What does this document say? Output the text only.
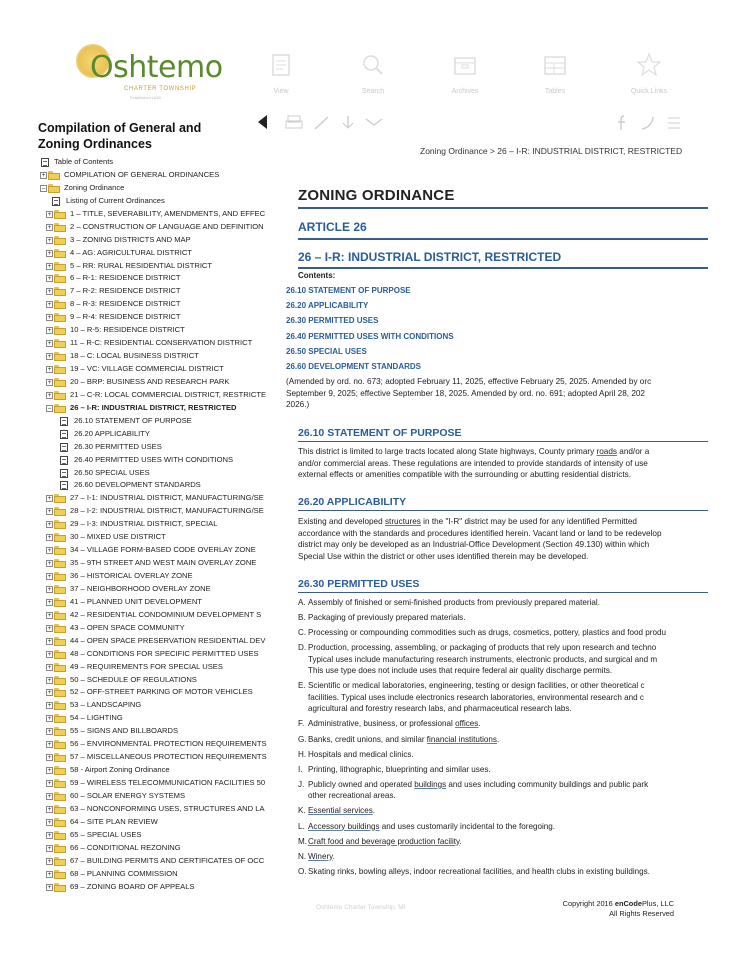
Oshtemo
CHARTER TOWNSHIP
Established 1839
View	Search	Archives	Tables	Quick Links
Compilation of General and Zoning Ordinances	Zoning Ordinance > 26 – I-R: INDUSTRIAL DISTRICT, RESTRICTED
Table of Contents
+ COMPILATION OF GENERAL ORDINANCES
− Zoning Ordinance
Listing of Current Ordinances
+ 1 – TITLE, SEVERABILITY, AMENDMENTS, AND EFFEC
+ 2 – CONSTRUCTION OF LANGUAGE AND DEFINITION
+ 3 – ZONING DISTRICTS AND MAP
+ 4 – AG: AGRICULTURAL DISTRICT
+ 5 – RR: RURAL RESIDENTIAL DISTRICT
+ 6 – R-1: RESIDENCE DISTRICT
+ 7 – R-2: RESIDENCE DISTRICT
+ 8 – R-3: RESIDENCE DISTRICT
+ 9 – R-4: RESIDENCE DISTRICT
+ 10 – R-5: RESIDENCE DISTRICT
+ 11 – R-C: RESIDENTIAL CONSERVATION DISTRICT
+ 18 – C: LOCAL BUSINESS DISTRICT
+ 19 – VC: VILLAGE COMMERCIAL DISTRICT
+ 20 – BRP: BUSINESS AND RESEARCH PARK
+ 21 – C-R: LOCAL COMMERCIAL DISTRICT, RESTRICTE
− 26 – I-R: INDUSTRIAL DISTRICT, RESTRICTED
26.10 STATEMENT OF PURPOSE
26.20 APPLICABILITY
26.30 PERMITTED USES
26.40 PERMITTED USES WITH CONDITIONS
26.50 SPECIAL USES
26.60 DEVELOPMENT STANDARDS
+ 27 – I-1: INDUSTRIAL DISTRICT, MANUFACTURING/SE
+ 28 – I-2: INDUSTRIAL DISTRICT, MANUFACTURING/SE
+ 29 – I-3: INDUSTRIAL DISTRICT, SPECIAL
+ 30 – MIXED USE DISTRICT
+ 34 – VILLAGE FORM-BASED CODE OVERLAY ZONE
+ 35 – 9TH STREET AND WEST MAIN OVERLAY ZONE
+ 36 – HISTORICAL OVERLAY ZONE
+ 37 – NEIGHBORHOOD OVERLAY ZONE
+ 41 – PLANNED UNIT DEVELOPMENT
+ 42 – RESIDENTIAL CONDOMINIUM DEVELOPMENT S
+ 43 – OPEN SPACE COMMUNITY
+ 44 – OPEN SPACE PRESERVATION RESIDENTIAL DEV
+ 48 – CONDITIONS FOR SPECIFIC PERMITTED USES
+ 49 – REQUIREMENTS FOR SPECIAL USES
+ 50 – SCHEDULE OF REGULATIONS
+ 52 – OFF-STREET PARKING OF MOTOR VEHICLES
+ 53 – LANDSCAPING
+ 54 – LIGHTING
+ 55 – SIGNS AND BILLBOARDS
+ 56 – ENVIRONMENTAL PROTECTION REQUIREMENTS
+ 57 – MISCELLANEOUS PROTECTION REQUIREMENTS
+ 58 - Airport Zoning Ordinance
+ 59 – WIRELESS TELECOMMUNICATION FACILITIES 50
+ 60 – SOLAR ENERGY SYSTEMS
+ 63 – NONCONFORMING USES, STRUCTURES AND LA
+ 64 – SITE PLAN REVIEW
+ 65 – SPECIAL USES
+ 66 – CONDITIONAL REZONING
+ 67 – BUILDING PERMITS AND CERTIFICATES OF OCC
+ 68 – PLANNING COMMISSION
+ 69 – ZONING BOARD OF APPEALS
ZONING ORDINANCE
ARTICLE 26
26 – I-R: INDUSTRIAL DISTRICT, RESTRICTED
Contents:
26.10 STATEMENT OF PURPOSE
26.20 APPLICABILITY
26.30 PERMITTED USES
26.40 PERMITTED USES WITH CONDITIONS
26.50 SPECIAL USES
26.60 DEVELOPMENT STANDARDS
(Amended by ord. no. 673; adopted February 11, 2025, effective February 25, 2025. Amended by orc
September 9, 2025; effective September 18, 2025. Amended by ord. no. 691; adopted April 28, 202
2026.)
26.10 STATEMENT OF PURPOSE
This district is limited to large tracts located along State highways, County primary roads and/or a
and/or commercial areas. These regulations are intended to provide standards of intensity of use
external effects or amenities compatible with the surrounding or abutting residential districts.
26.20 APPLICABILITY
Existing and developed structures in the "I-R" district may be used for any identified Permitted
accordance with the standards and procedures identified herein. Vacant land or land to be redevelop
district may only be developed as an Industrial-Office Development (Section 49.130) within which
Special Use within the district or other uses identified therein may be developed.
26.30 PERMITTED USES
A. Assembly of finished or semi-finished products from previously prepared material.
B. Packaging of previously prepared materials.
C. Processing or compounding commodities such as drugs, cosmetics, pottery, plastics and food produ
D. Production, processing, assembling, or packaging of products that rely upon research and techno
Typical uses include manufacturing research instruments, electronic products, and surgical and m
This use type does not include uses that require federal air quality discharge permits.
E. Scientific or medical laboratories, engineering, testing or design facilities, or other theoretical c
facilities. Typical uses include electronics research laboratories, environmental research and c
agricultural and forestry research labs, and pharmaceutical research labs.
F. Administrative, business, or professional offices.
G. Banks, credit unions, and similar financial institutions.
H. Hospitals and medical clinics.
I. Printing, lithographic, blueprinting and similar uses.
J. Publicly owned and operated buildings and uses including community buildings and public park
other recreational areas.
K. Essential services.
L. Accessory buildings and uses customarily incidental to the foregoing.
M. Craft food and beverage production facility.
N. Winery.
O. Skating rinks, bowling alleys, indoor recreational facilities, and health clubs in existing buildings.
Oshtemo Charter Township, MI	Copyright 2016 enCodePlus, LLC
All Rights Reserved
